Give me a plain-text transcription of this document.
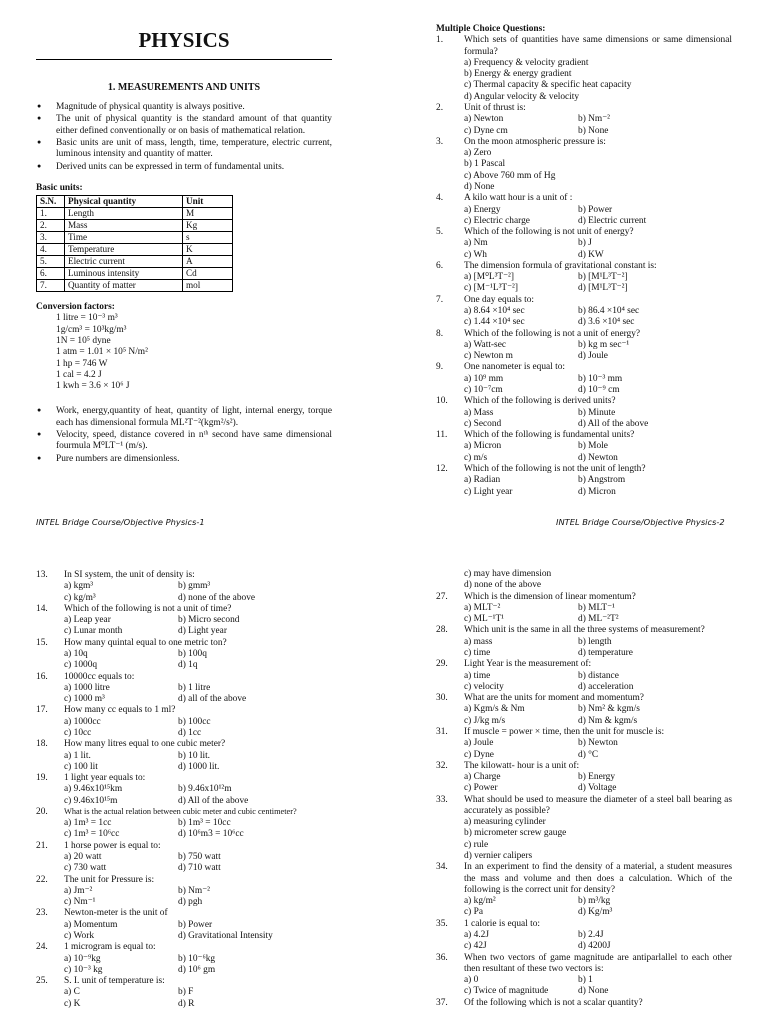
PHYSICS
1. MEASUREMENTS AND UNITS
● Magnitude of physical quantity is always positive.
● The unit of physical quantity is the standard amount of that quantity either defined conventionally or on basis of mathematical relation.
● Basic units are unit of mass, length, time, temperature, electric current, luminous intensity and quantity of matter.
● Derived units can be expressed in term of fundamental units.
Basic units:
S.N.	Physical quantity	Unit
1.	Length	M
2.	Mass	Kg
3.	Time	s
4.	Temperature	K
5.	Electric current	A
6.	Luminous intensity	Cd
7.	Quantity of matter	mol
Conversion factors:
1 litre = 10⁻³ m³
1g/cm³ = 10³kg/m³
1N = 10⁵ dyne
1 atm = 1.01 × 10⁵ N/m²
1 hp = 746 W
1 cal = 4.2 J
1 kwh = 3.6 × 10⁶ J
● Work, energy,quantity of heat, quantity of light, internal energy, torque each has dimensional formula ML²T⁻²(kgm²/s²).
● Velocity, speed, distance covered in nᵗʰ second have same dimensional fourmula M⁰LT⁻¹ (m/s).
● Pure numbers are dimensionless.
Multiple Choice Questions:
1.	Which sets of quantities have same dimensions or same dimensional formula?
a) Frequency & velocity gradient
b) Energy & energy gradient
c) Thermal capacity & specific heat capacity
d) Angular velocity & velocity
2.	Unit of thrust is:
a) Newton	b) Nm⁻²
c) Dyne cm	b) None
3.	On the moon atmospheric pressure is:
a) Zero
b) 1 Pascal
c) Above 760 mm of Hg
d) None
4.	A kilo watt hour is a unit of :
a) Energy	b) Power
c) Electric charge	d) Electric current
5.	Which of the following is not unit of energy?
a) Nm	b) J
c) Wh	d) KW
6.	The dimension formula of gravitational constant is:
a) [M⁰L³T⁻²]	b) [M¹L³T⁻²]
c) [M⁻¹L³T⁻²]	d) [M¹L³T⁻²]
7.	One day equals to:
a) 8.64 ×10⁴ sec	b) 86.4 ×10⁴ sec
c) 1.44 ×10⁴ sec	d) 3.6 ×10⁴ sec
8.	Which of the following is not a unit of energy?
a) Watt-sec	b) kg m sec⁻¹
c) Newton m	d) Joule
9.	One nanometer is equal to:
a) 10⁹ mm	b) 10⁻³ mm
c) 10⁻⁷cm	d) 10⁻⁹ cm
10.	Which of the following is derived units?
a) Mass	b) Minute
c) Second	d) All of the above
11.	Which of the following is fundamental units?
a) Micron	b) Mole
c) m/s	d) Newton
12.	Which of the following is not the unit of length?
a) Radian	b) Angstrom
c) Light year	d) Micron
INTEL Bridge Course/Objective Physics-1	INTEL Bridge Course/Objective Physics-2
13.	In SI system, the unit of density is:
a) kgm³	b) gmm³
c) kg/m³	d) none of the above
14.	Which of the following is not a unit of time?
a) Leap year	b) Micro second
c) Lunar month	d) Light year
15.	How many quintal equal to one metric ton?
a) 10q	b) 100q
c) 1000q	d) 1q
16.	10000cc equals to:
a) 1000 litre	b) 1 litre
c) 1000 m³	d) all of the above
17.	How many cc equals to 1 ml?
a) 1000cc	b) 100cc
c) 10cc	d) 1cc
18.	How many litres equal to one cubic meter?
a) 1 lit.	b) 10 lit.
c) 100 lit	d) 1000 lit.
19.	1 light year equals to:
a) 9.46x10¹⁵km	b) 9.46x10¹²m
c) 9.46x10¹⁵m	d) All of the above
20.	What is the actual relation between cubic meter and cubic centimeter?
a) 1m³ = 1cc	b) 1m³ = 10cc
c) 1m³ = 10⁶cc	d) 10⁶m3 = 10⁶cc
21.	1 horse power is equal to:
a) 20 watt	b) 750 watt
c) 730 watt	d) 710 watt
22.	The unit for Pressure is:
a) Jm⁻²	b) Nm⁻²
c) Nm⁻¹	d) pgh
23.	Newton-meter is the unit of
a) Momentum	b) Power
c) Work	d) Gravitational Intensity
24.	1 microgram is equal to:
a) 10⁻⁹kg	b) 10⁻⁶kg
c) 10⁻³ kg	d) 10⁶ gm
25.	S. I. unit of temperature is:
a) C	b) F
c) K	d) R
c) may have dimension
d) none of the above
27.	Which is the dimension of linear momentum?
a) MLT⁻²	b) MLT⁻¹
c) ML⁻¹T¹	d) ML⁻²T²
28.	Which unit is the same in all the three systems of measurement?
a) mass	b) length
c) time	d) temperature
29.	Light Year is the measurement of:
a) time	b) distance
c) velocity	d) acceleration
30.	What are the units for moment and momentum?
a) Kgm/s & Nm	b) Nm² & kgm/s
c) J/kg m/s	d) Nm & kgm/s
31.	If muscle = power × time, then the unit for muscle is:
a) Joule	b) Newton
c) Dyne	d) °C
32.	The kilowatt- hour is a unit of:
a) Charge	b) Energy
c) Power	d) Voltage
33.	What should be used to measure the diameter of a steel ball bearing as accurately as possible?
a) measuring cylinder
b) micrometer screw gauge
c) rule
d) vernier calipers
34.	In an experiment to find the density of a material, a student measures the mass and volume and then does a calculation. Which of the following is the correct unit for density?
a) kg/m²	b) m³/kg
c) Pa	d) Kg/m³
35.	1 calorie is equal to:
a) 4.2J	b) 2.4J
c) 42J	d) 4200J
36.	When two vectors of game magnitude are antiparlallel to each other then resultant of these two vectors is:
a) 0	b) 1
c) Twice of magnitude	d) None
37.	Of the following which is not a scalar quantity?
